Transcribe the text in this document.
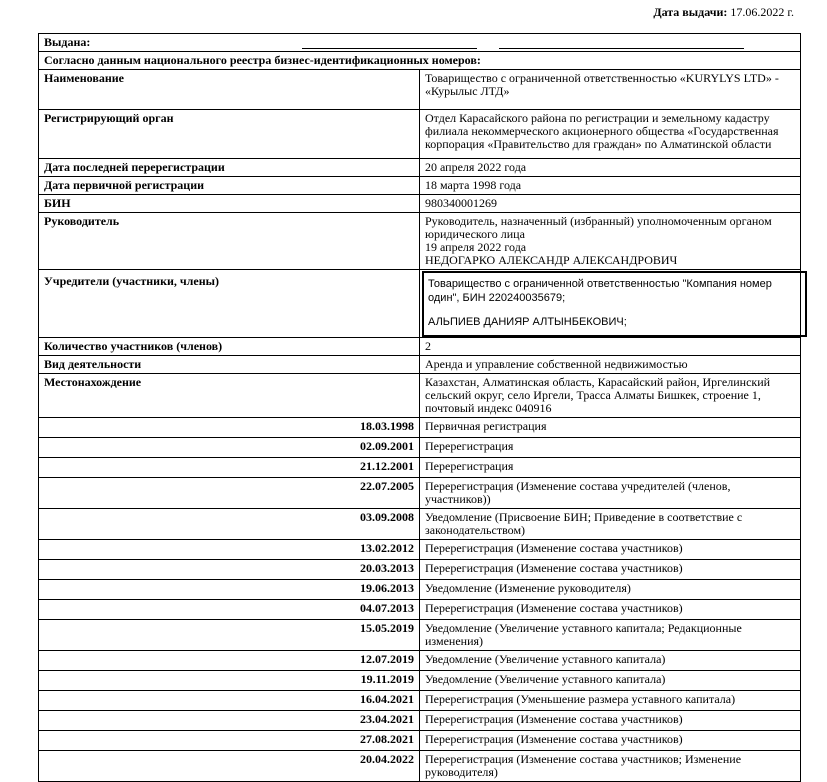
Дата выдачи: 17.06.2022 г.
Выдана:	
Согласно данным национального реестра бизнес-идентификационных номеров:	
Наименование	Товарищество с ограниченной ответственностью «KURYLYS LTD» - «Курылыс ЛТД»
Регистрирующий орган	Отдел Карасайского района по регистрации и земельному кадастру филиала некоммерческого акционерного общества «Государственная корпорация «Правительство для граждан» по Алматинской области
Дата последней перерегистрации	20 апреля 2022 года
Дата первичной регистрации	18 марта 1998 года
БИН	980340001269
Руководитель	Руководитель, назначенный (избранный) уполномоченным органом юридического лица
19 апреля 2022 года
НЕДОГАРКО АЛЕКСАНДР АЛЕКСАНДРОВИЧ

Учредители (участники, члены)	Товарищество с ограниченной ответственностью "Компания номер один", БИН 220240035679;
АЛЬПИЕВ ДАНИЯР АЛТЫНБЕКОВИЧ;

Количество участников (членов)	2
Вид деятельности	Аренда и управление собственной недвижимостью
Местонахождение	Казахстан, Алматинская область, Карасайский район, Иргелинский сельский округ, село Иргели, Трасса Алматы Бишкек, строение 1, почтовый индекс 040916
18.03.1998	Первичная регистрация
02.09.2001	Перерегистрация
21.12.2001	Перерегистрация
22.07.2005	Перерегистрация (Изменение состава учредителей (членов, участников))
03.09.2008	Уведомление (Присвоение БИН; Приведение в соответствие с законодательством)
13.02.2012	Перерегистрация (Изменение состава участников)
20.03.2013	Перерегистрация (Изменение состава участников)
19.06.2013	Уведомление (Изменение руководителя)
04.07.2013	Перерегистрация (Изменение состава участников)
15.05.2019	Уведомление (Увеличение уставного капитала; Редакционные изменения)
12.07.2019	Уведомление (Увеличение уставного капитала)
19.11.2019	Уведомление (Увеличение уставного капитала)
16.04.2021	Перерегистрация (Уменьшение размера уставного капитала)
23.04.2021	Перерегистрация (Изменение состава участников)
27.08.2021	Перерегистрация (Изменение состава участников)
20.04.2022	Перерегистрация (Изменение состава участников; Изменение руководителя)
